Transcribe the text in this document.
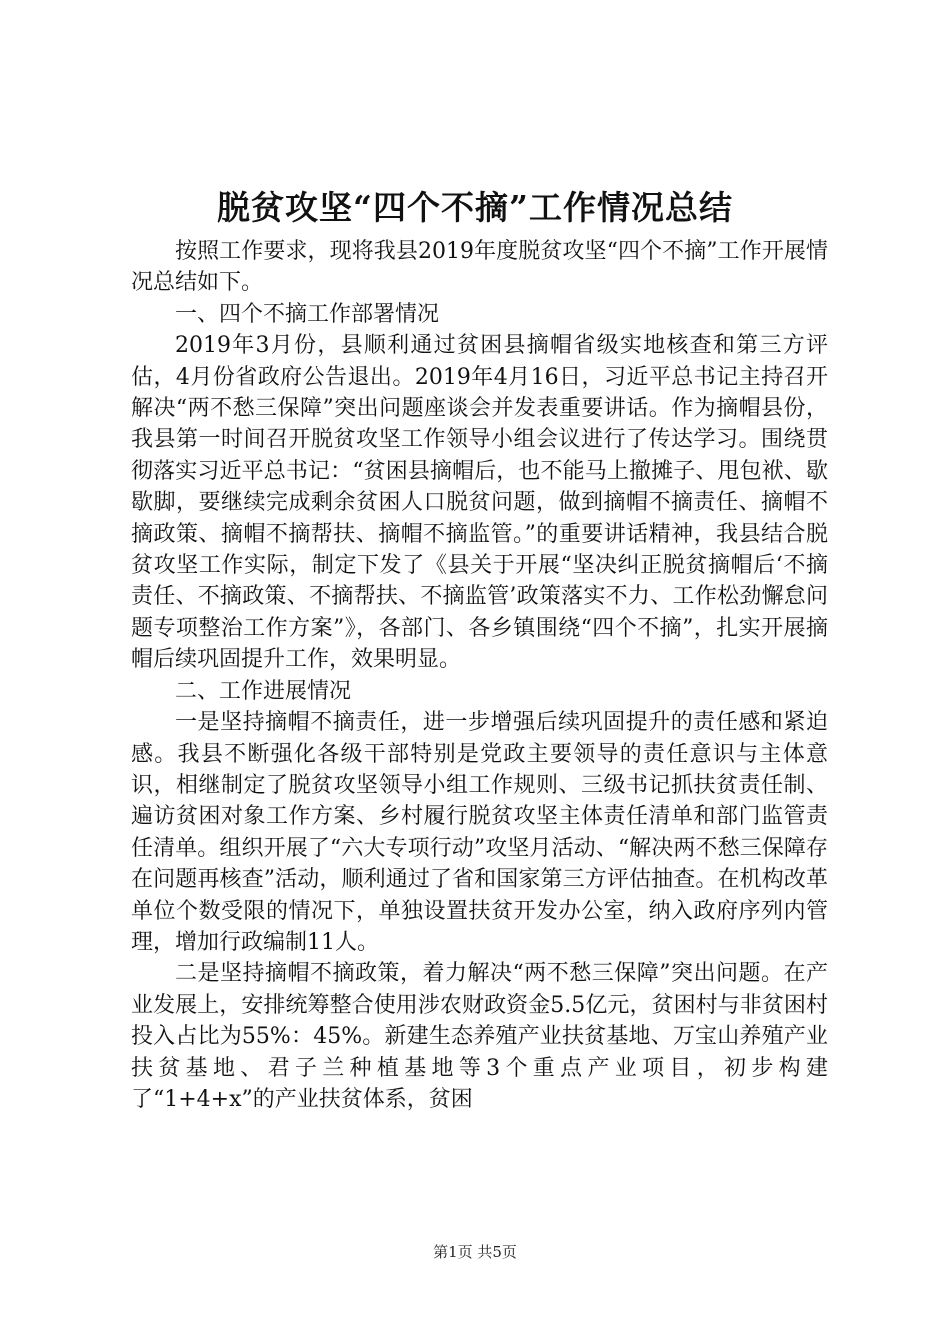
脱贫攻坚“四个不摘”工作情况总结

按照工作要求，现将我县2019年度脱贫攻坚“四个不摘”工作开展情况总结如下。

一、四个不摘工作部署情况

2019年3月份，县顺利通过贫困县摘帽省级实地核查和第三方评估，4月份省政府公告退出。2019年4月16日，习近平总书记主持召开解决“两不愁三保障”突出问题座谈会并发表重要讲话。作为摘帽县份，我县第一时间召开脱贫攻坚工作领导小组会议进行了传达学习。围绕贯彻落实习近平总书记：“贫困县摘帽后，也不能马上撤摊子、甩包袱、歇歇脚，要继续完成剩余贫困人口脱贫问题，做到摘帽不摘责任、摘帽不摘政策、摘帽不摘帮扶、摘帽不摘监管。”的重要讲话精神，我县结合脱贫攻坚工作实际，制定下发了《县关于开展“坚决纠正脱贫摘帽后‘不摘责任、不摘政策、不摘帮扶、不摘监管’政策落实不力、工作松劲懈怠问题专项整治工作方案”》，各部门、各乡镇围绕“四个不摘”，扎实开展摘帽后续巩固提升工作，效果明显。

二、工作进展情况

一是坚持摘帽不摘责任，进一步增强后续巩固提升的责任感和紧迫感。我县不断强化各级干部特别是党政主要领导的责任意识与主体意识，相继制定了脱贫攻坚领导小组工作规则、三级书记抓扶贫责任制、遍访贫困对象工作方案、乡村履行脱贫攻坚主体责任清单和部门监管责任清单。组织开展了“六大专项行动”攻坚月活动、“解决两不愁三保障存在问题再核查”活动，顺利通过了省和国家第三方评估抽查。在机构改革单位个数受限的情况下，单独设置扶贫开发办公室，纳入政府序列内管理，增加行政编制11人。

二是坚持摘帽不摘政策，着力解决“两不愁三保障”突出问题。在产业发展上，安排统筹整合使用涉农财政资金5.5亿元，贫困村与非贫困村投入占比为55%：45%。新建生态养殖产业扶贫基地、万宝山养殖产业扶贫基地、君子兰种植基地等3个重点产业项目，初步构建了“1+4+x”的产业扶贫体系，贫困

第1页 共5页
